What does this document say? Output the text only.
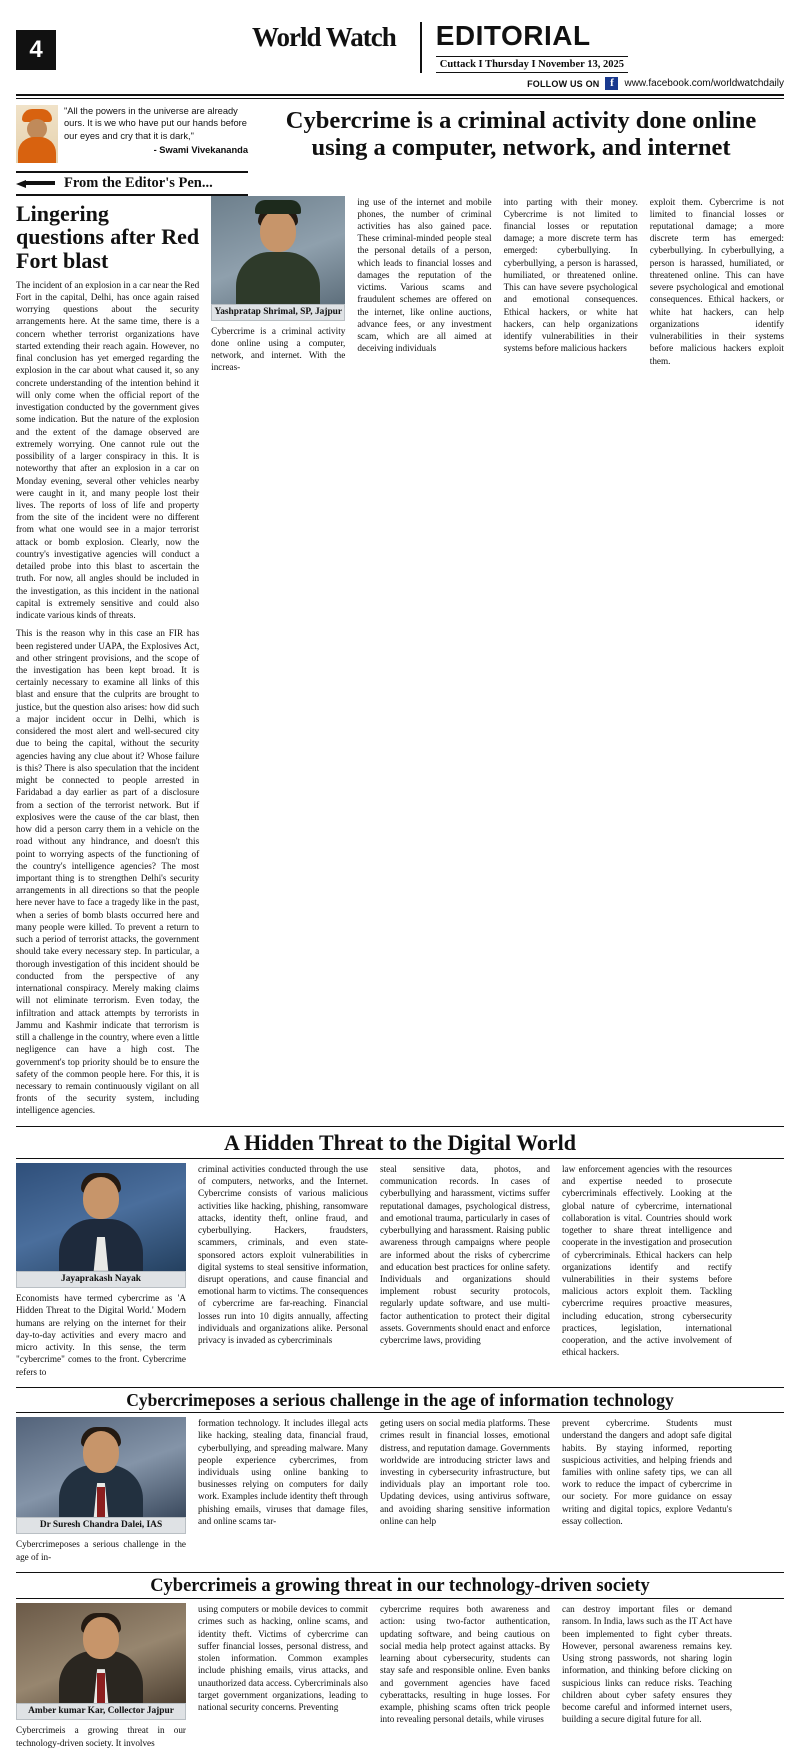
4	World Watch	EDITORIAL
Cuttack I Thursday I November 13, 2025
FOLLOW US ON f	www.facebook.com/worldwatchdaily
"All the powers in the universe are already ours. It is we who have put our hands before our eyes and cry that it is dark,"
- Swami Vivekananda
Cybercrime is a criminal activity done online using a computer, network, and internet
From the Editor's Pen...
Lingering questions after Red Fort blast

The incident of an explosion in a car near the Red Fort in the capital, Delhi, has once again raised worrying questions about the security arrangements here. At the same time, there is a concern whether terrorist organizations have started extending their reach again. However, no final conclusion has yet emerged regarding the explosion in the car about what caused it, so any concrete understanding of the intention behind it will only come when the official report of the investigation conducted by the government gives some indication. But the nature of the explosion and the extent of the damage observed are extremely worrying. One cannot rule out the possibility of a larger conspiracy in this. It is noteworthy that after an explosion in a car on Monday evening, several other vehicles nearby were caught in it, and many people lost their lives. The reports of loss of life and property from the site of the incident were no different from what one would see in a major terrorist attack or bomb explosion. Clearly, now the country's investigative agencies will conduct a detailed probe into this blast to ascertain the truth. For now, all angles should be included in the investigation, as this incident in the national capital is extremely sensitive and could also indicate various kinds of threats.

This is the reason why in this case an FIR has been registered under UAPA, the Explosives Act, and other stringent provisions, and the scope of the investigation has been kept broad. It is certainly necessary to examine all links of this blast and ensure that the culprits are brought to justice, but the question also arises: how did such a major incident occur in Delhi, which is considered the most alert and well-secured city due to being the capital, without the security agencies having any clue about it? Whose failure is this? There is also speculation that the incident might be connected to people arrested in Faridabad a day earlier as part of a disclosure from a section of the terrorist network. But if explosives were the cause of the car blast, then how did a person carry them in a vehicle on the road without any hindrance, and doesn't this point to worrying aspects of the functioning of the country's intelligence agencies? The most important thing is to strengthen Delhi's security arrangements in all directions so that the people here never have to face a tragedy like in the past, when a series of bomb blasts occurred here and many people were killed. To prevent a return to such a period of terrorist attacks, the government should take every necessary step. In particular, a thorough investigation of this incident should be conducted from the perspective of any international conspiracy. Merely making claims will not eliminate terrorism. Even today, the infiltration and attack attempts by terrorists in Jammu and Kashmir indicate that terrorism is still a challenge in the country, where even a little negligence can have a high cost. The government's top priority should be to ensure the safety of the common people here. For this, it is necessary to remain continuously vigilant on all fronts of the security system, including intelligence agencies.

Yashpratap Shrimal, SP, Jajpur

Cybercrime is a criminal activity done online using a computer, network, and internet. With the increas-

ing use of the internet and mobile phones, the number of criminal activities has also gained pace. These criminal-minded people steal the personal details of a person, which leads to financial losses and damages the reputation of the victims. Various scams and fraudulent schemes are offered on the internet, like online auctions, advance fees, or any investment scam, which are all aimed at deceiving individuals

into parting with their money. Cybercrime is not limited to financial losses or reputation damage; a more discrete term has emerged: cyberbullying. In cyberbullying, a person is harassed, humiliated, or threatened online. This can have severe psychological and emotional consequences. Ethical hackers, or white hat hackers, can help organizations identify vulnerabilities in their systems before malicious hackers

exploit them. Cybercrime is not limited to financial losses or reputational damage; a more discrete term has emerged: cyberbullying. In cyberbullying, a person is harassed, humiliated, or threatened online. This can have severe psychological and emotional consequences. Ethical hackers, or white hat hackers, can help organizations identify vulnerabilities in their systems before malicious hackers exploit them.

A Hidden Threat to the Digital World
Jayaprakash Nayak

Economists have termed cybercrime as 'A Hidden Threat to the Digital World.' Modern humans are relying on the internet for their day-to-day activities and every macro and micro activity. In this sense, the term "cybercrime" comes to the front. Cybercrime refers to

criminal activities conducted through the use of computers, networks, and the Internet. Cybercrime consists of various malicious activities like hacking, phishing, ransomware attacks, identity theft, online fraud, and cyberbullying. Hackers, fraudsters, scammers, criminals, and even state-sponsored actors exploit vulnerabilities in digital systems to steal sensitive information, disrupt operations, and cause financial and emotional harm to victims. The consequences of cybercrime are far-reaching. Financial losses run into 10 digits annually, affecting individuals and organizations alike. Personal privacy is invaded as cybercriminals

steal sensitive data, photos, and communication records. In cases of cyberbullying and harassment, victims suffer reputational damages, psychological distress, and emotional trauma, particularly in cases of cyberbullying and harassment. Raising public awareness through campaigns where people are informed about the risks of cybercrime and education best practices for online safety. Individuals and organizations should implement robust security protocols, regularly update software, and use multi-factor authentication to protect their digital assets. Governments should enact and enforce cybercrime laws, providing

law enforcement agencies with the resources and expertise needed to prosecute cybercriminals effectively. Looking at the global nature of cybercrime, international collaboration is vital. Countries should work together to share threat intelligence and cooperate in the investigation and prosecution of cybercriminals. Ethical hackers can help organizations identify and rectify vulnerabilities in their systems before malicious actors exploit them. Tackling cybercrime requires proactive measures, including education, strong cybersecurity practices, legislation, international cooperation, and the active involvement of ethical hackers.

Cybercrimeposes a serious challenge in the age of information technology
Dr Suresh Chandra Dalei, IAS

Cybercrimeposes a serious challenge in the age of in-

formation technology. It includes illegal acts like hacking, stealing data, financial fraud, cyberbullying, and spreading malware. Many people experience cybercrimes, from individuals using online banking to businesses relying on computers for daily work. Examples include identity theft through phishing emails, viruses that damage files, and online scams tar-

geting users on social media platforms. These crimes result in financial losses, emotional distress, and reputation damage. Governments worldwide are introducing stricter laws and investing in cybersecurity infrastructure, but individuals play an important role too. Updating devices, using antivirus software, and avoiding sharing sensitive information online can help

prevent cybercrime. Students must understand the dangers and adopt safe digital habits. By staying informed, reporting suspicious activities, and helping friends and families with online safety tips, we can all work to reduce the impact of cybercrime in our society. For more guidance on essay writing and digital topics, explore Vedantu's essay collection.

Cybercrimeis a growing threat in our technology-driven society
Amber kumar Kar, Collector Jajpur

Cybercrimeis a growing threat in our technology-driven society. It involves

using computers or mobile devices to commit crimes such as hacking, online scams, and identity theft. Victims of cybercrime can suffer financial losses, personal distress, and stolen information. Common examples include phishing emails, virus attacks, and unauthorized data access. Cybercriminals also target government organizations, leading to national security concerns. Preventing

cybercrime requires both awareness and action: using two-factor authentication, updating software, and being cautious on social media help protect against attacks. By learning about cybersecurity, students can stay safe and responsible online. Even banks and government agencies have faced cyberattacks, resulting in huge losses. For example, phishing scams often trick people into revealing personal details, while viruses

can destroy important files or demand ransom. In India, laws such as the IT Act have been implemented to fight cyber threats. However, personal awareness remains key. Using strong passwords, not sharing login information, and thinking before clicking on suspicious links can reduce risks. Teaching children about cyber safety ensures they become careful and informed internet users, building a secure digital future for all.
